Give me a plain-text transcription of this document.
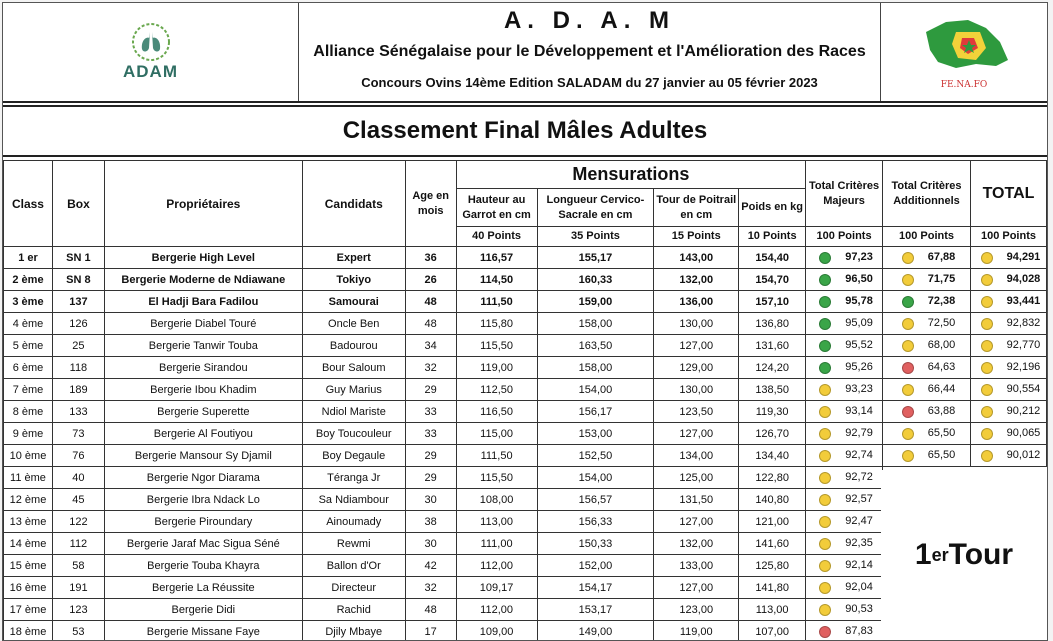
ADAM
A. D. A. M
Alliance Sénégalaise pour le Développement et l'Amélioration des Races
Concours Ovins 14ème Edition SALADAM du 27 janvier au 05 février 2023	FE.NA.FO
Classement Final Mâles Adultes
Class	Box	Propriétaires	Candidats	Age en mois	Mensurations				Total Critères Majeurs	Total Critères Additionnels	TOTAL
					Hauteur au Garrot en cm	Longueur Cervico-Sacrale en cm	Tour de Poitrail en cm	Poids en kg			
					40 Points	35 Points	15 Points	10 Points	100 Points	100 Points	100 Points
1 er	SN 1	Bergerie High Level	Expert	36	116,57	155,17	143,00	154,40	97,23	67,88	94,291
2 ème	SN 8	Bergerie Moderne de Ndiawane	Tokiyo	26	114,50	160,33	132,00	154,70	96,50	71,75	94,028
3 ème	137	El Hadji Bara Fadilou	Samourai	48	111,50	159,00	136,00	157,10	95,78	72,38	93,441
4 ème	126	Bergerie Diabel Touré	Oncle Ben	48	115,80	158,00	130,00	136,80	95,09	72,50	92,832
5 ème	25	Bergerie Tanwir Touba	Badourou	34	115,50	163,50	127,00	131,60	95,52	68,00	92,770
6 ème	118	Bergerie Sirandou	Bour Saloum	32	119,00	158,00	129,00	124,20	95,26	64,63	92,196
7 ème	189	Bergerie Ibou Khadim	Guy Marius	29	112,50	154,00	130,00	138,50	93,23	66,44	90,554
8 ème	133	Bergerie Superette	Ndiol Mariste	33	116,50	156,17	123,50	119,30	93,14	63,88	90,212
9 ème	73	Bergerie Al Foutiyou	Boy Toucouleur	33	115,00	153,00	127,00	126,70	92,79	65,50	90,065
10 ème	76	Bergerie Mansour Sy Djamil	Boy Degaule	29	111,50	152,50	134,00	134,40	92,74	65,50	90,012
11 ème	40	Bergerie Ngor Diarama	Téranga Jr	29	115,50	154,00	125,00	122,80	92,72		
12 ème	45	Bergerie Ibra Ndack Lo	Sa Ndiambour	30	108,00	156,57	131,50	140,80	92,57		
13 ème	122	Bergerie Piroundary	Ainoumady	38	113,00	156,33	127,00	121,00	92,47		
14 ème	112	Bergerie Jaraf Mac Sigua Séné	Rewmi	30	111,00	150,33	132,00	141,60	92,35		
15 ème	58	Bergerie Touba Khayra	Ballon d'Or	42	112,00	152,00	133,00	125,80	92,14		
16 ème	191	Bergerie La Réussite	Directeur	32	109,17	154,17	127,00	141,80	92,04		
17 ème	123	Bergerie Didi	Rachid	48	112,00	153,17	123,00	113,00	90,53		
18 ème	53	Bergerie Missane Faye	Djily Mbaye	17	109,00	149,00	119,00	107,00	87,83		
1 er Tour
